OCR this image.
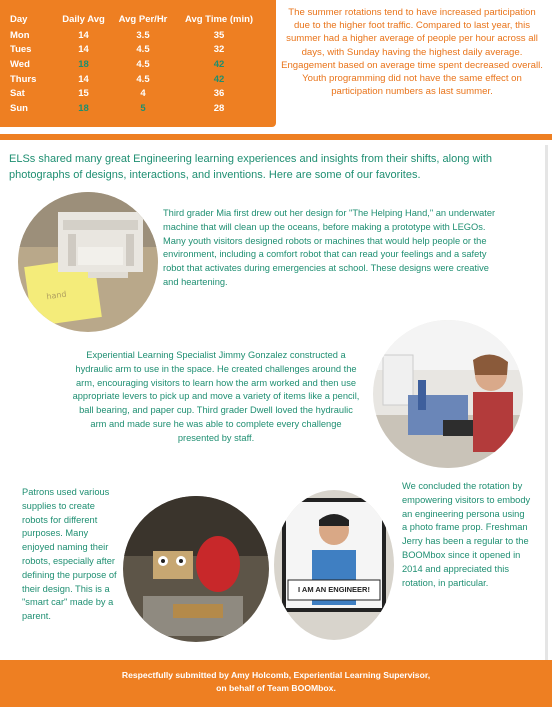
Day	Daily Avg	Avg Per/Hr	Avg Time (min)
Mon	14	3.5	35
Tues	14	4.5	32
Wed	18	4.5	42
Thurs	14	4.5	42
Sat	15	4	36
Sun	18	5	28
The summer rotations tend to have increased participation due to the higher foot traffic. Compared to last year, this summer had a higher average of people per hour across all days, with Sunday having the highest daily average. Engagement based on average time spent decreased overall. Youth programming did not have the same effect on participation numbers as last summer.
ELSs shared many great Engineering learning experiences and insights from their shifts, along with photographs of designs, interactions, and inventions. Here are some of our favorites.
hand
Third grader Mia first drew out her design for "The Helping Hand," an underwater machine that will clean up the oceans, before making a prototype with LEGOs. Many youth visitors designed robots or machines that would help people or the environment, including a comfort robot that can read your feelings and a safety robot that activates during emergencies at school. These designs were creative and heartening.
Experiential Learning Specialist Jimmy Gonzalez constructed a hydraulic arm to use in the space. He created challenges around the arm, encouraging visitors to learn how the arm worked and then use appropriate levers to pick up and move a variety of items like a pencil, ball bearing, and paper cup. Third grader Dwell loved the hydraulic arm and made sure he was able to complete every challenge presented by staff.
Patrons used various supplies to create robots for different purposes. Many enjoyed naming their robots, especially after defining the purpose of their design. This is a "smart car" made by a parent.
I AM AN ENGINEER!
We concluded the rotation by empowering visitors to embody an engineering persona using a photo frame prop. Freshman Jerry has been a regular to the BOOMbox since it opened in 2014 and appreciated this rotation, in particular.

Respectfully submitted by Amy Holcomb, Experiential Learning Supervisor,

on behalf of Team BOOMbox.
